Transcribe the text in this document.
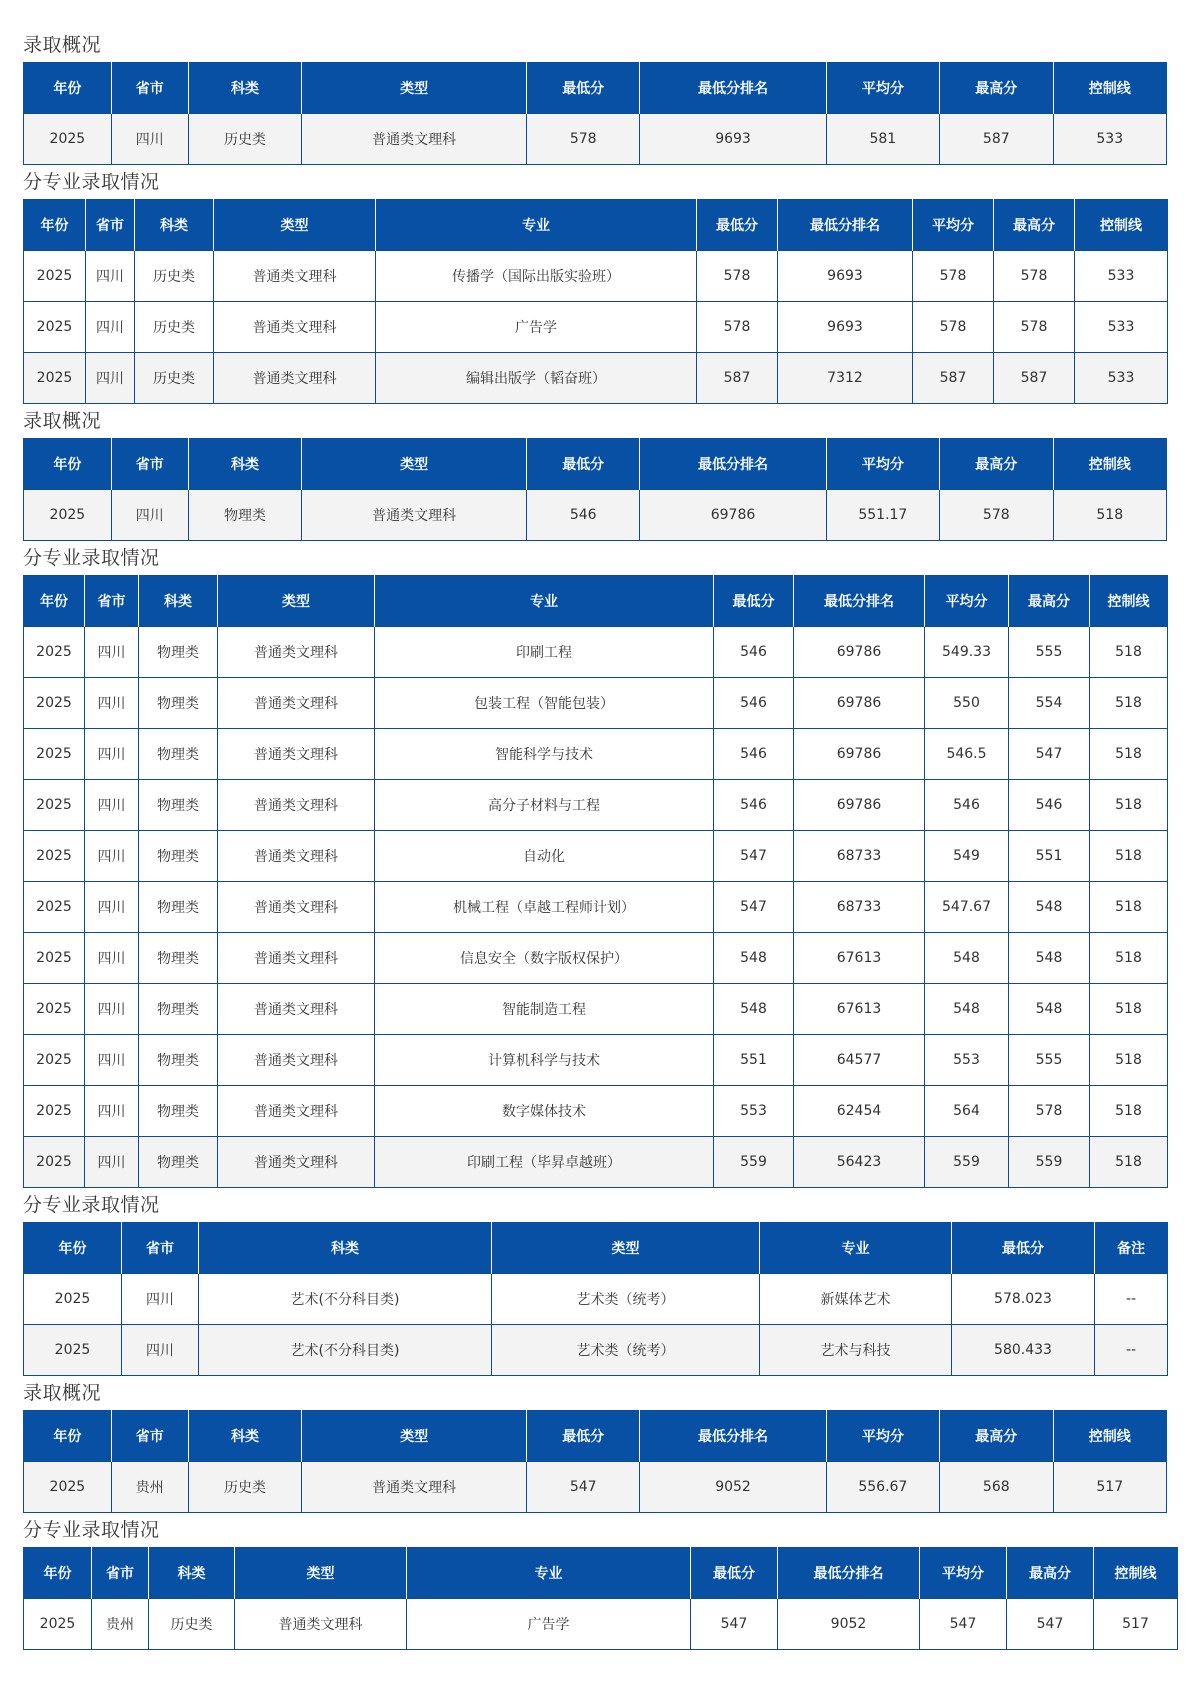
录取概况
年份	省市	科类	类型	最低分	最低分排名	平均分	最高分	控制线
2025	四川	历史类	普通类文理科	578	9693	581	587	533
分专业录取情况
年份	省市	科类	类型	专业	最低分	最低分排名	平均分	最高分	控制线
2025	四川	历史类	普通类文理科	传播学（国际出版实验班）	578	9693	578	578	533
2025	四川	历史类	普通类文理科	广告学	578	9693	578	578	533
2025	四川	历史类	普通类文理科	编辑出版学（韬奋班）	587	7312	587	587	533
录取概况
年份	省市	科类	类型	最低分	最低分排名	平均分	最高分	控制线
2025	四川	物理类	普通类文理科	546	69786	551.17	578	518
分专业录取情况
年份	省市	科类	类型	专业	最低分	最低分排名	平均分	最高分	控制线
2025	四川	物理类	普通类文理科	印刷工程	546	69786	549.33	555	518
2025	四川	物理类	普通类文理科	包装工程（智能包装）	546	69786	550	554	518
2025	四川	物理类	普通类文理科	智能科学与技术	546	69786	546.5	547	518
2025	四川	物理类	普通类文理科	高分子材料与工程	546	69786	546	546	518
2025	四川	物理类	普通类文理科	自动化	547	68733	549	551	518
2025	四川	物理类	普通类文理科	机械工程（卓越工程师计划）	547	68733	547.67	548	518
2025	四川	物理类	普通类文理科	信息安全（数字版权保护）	548	67613	548	548	518
2025	四川	物理类	普通类文理科	智能制造工程	548	67613	548	548	518
2025	四川	物理类	普通类文理科	计算机科学与技术	551	64577	553	555	518
2025	四川	物理类	普通类文理科	数字媒体技术	553	62454	564	578	518
2025	四川	物理类	普通类文理科	印刷工程（毕昇卓越班）	559	56423	559	559	518
分专业录取情况
年份	省市	科类	类型	专业	最低分	备注
2025	四川	艺术(不分科目类)	艺术类（统考）	新媒体艺术	578.023	--
2025	四川	艺术(不分科目类)	艺术类（统考）	艺术与科技	580.433	--
录取概况
年份	省市	科类	类型	最低分	最低分排名	平均分	最高分	控制线
2025	贵州	历史类	普通类文理科	547	9052	556.67	568	517
分专业录取情况
年份	省市	科类	类型	专业	最低分	最低分排名	平均分	最高分	控制线
2025	贵州	历史类	普通类文理科	广告学	547	9052	547	547	517
